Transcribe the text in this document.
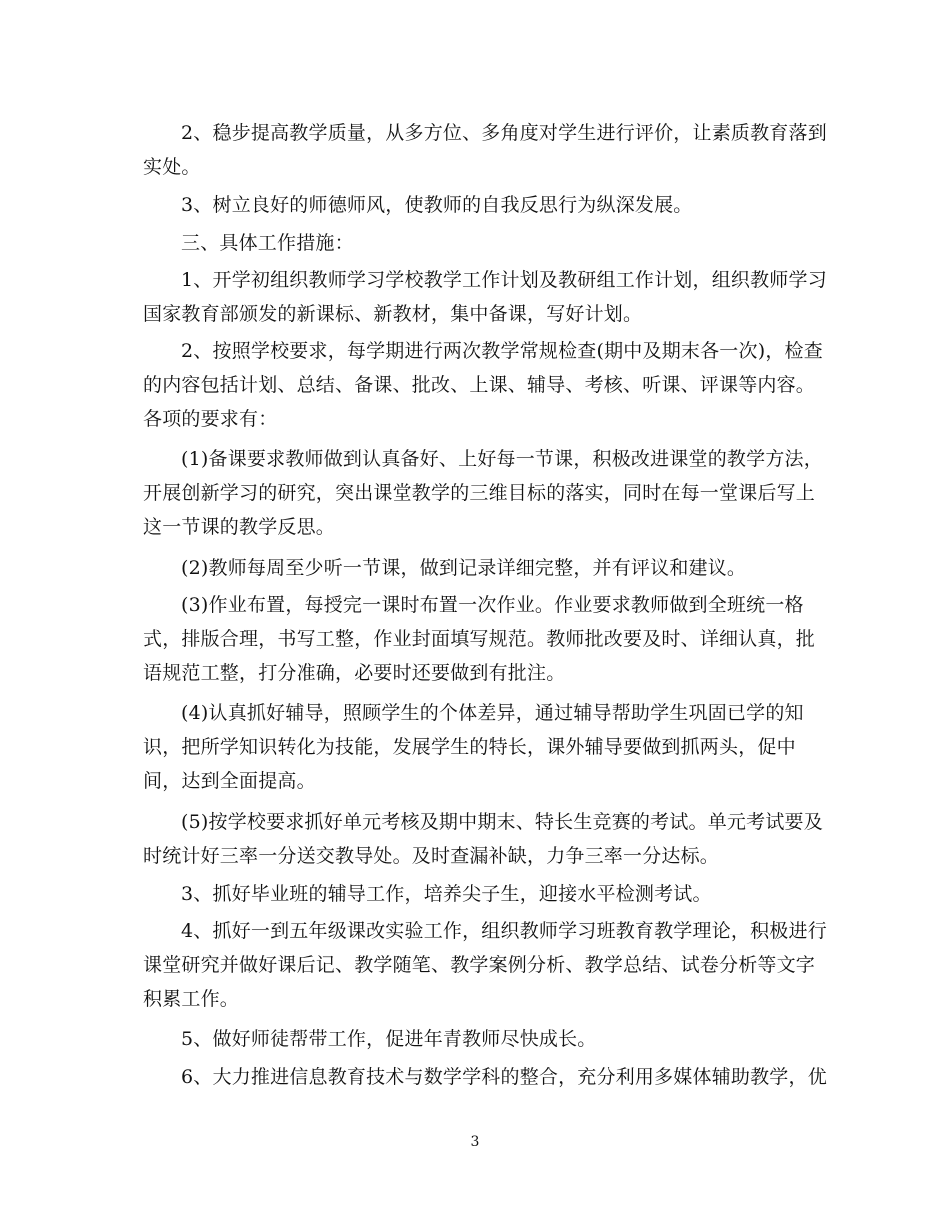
2、稳步提高教学质量，从多方位、多角度对学生进行评价，让素质教育落到
实处。
3、树立良好的师德师风，使教师的自我反思行为纵深发展。
三、具体工作措施：
1、开学初组织教师学习学校教学工作计划及教研组工作计划，组织教师学习
国家教育部颁发的新课标、新教材，集中备课，写好计划。
2、按照学校要求，每学期进行两次教学常规检查(期中及期末各一次)，检查
的内容包括计划、总结、备课、批改、上课、辅导、考核、听课、评课等内容。
各项的要求有：
(1)备课要求教师做到认真备好、上好每一节课，积极改进课堂的教学方法，
开展创新学习的研究，突出课堂教学的三维目标的落实，同时在每一堂课后写上
这一节课的教学反思。
(2)教师每周至少听一节课，做到记录详细完整，并有评议和建议。
(3)作业布置，每授完一课时布置一次作业。作业要求教师做到全班统一格
式，排版合理，书写工整，作业封面填写规范。教师批改要及时、详细认真，批
语规范工整，打分准确，必要时还要做到有批注。
(4)认真抓好辅导，照顾学生的个体差异，通过辅导帮助学生巩固已学的知
识，把所学知识转化为技能，发展学生的特长，课外辅导要做到抓两头，促中
间，达到全面提高。
(5)按学校要求抓好单元考核及期中期末、特长生竞赛的考试。单元考试要及
时统计好三率一分送交教导处。及时查漏补缺，力争三率一分达标。
3、抓好毕业班的辅导工作，培养尖子生，迎接水平检测考试。
4、抓好一到五年级课改实验工作，组织教师学习班教育教学理论，积极进行
课堂研究并做好课后记、教学随笔、教学案例分析、教学总结、试卷分析等文字
积累工作。
5、做好师徒帮带工作，促进年青教师尽快成长。
6、大力推进信息教育技术与数学学科的整合，充分利用多媒体辅助教学，优
3
